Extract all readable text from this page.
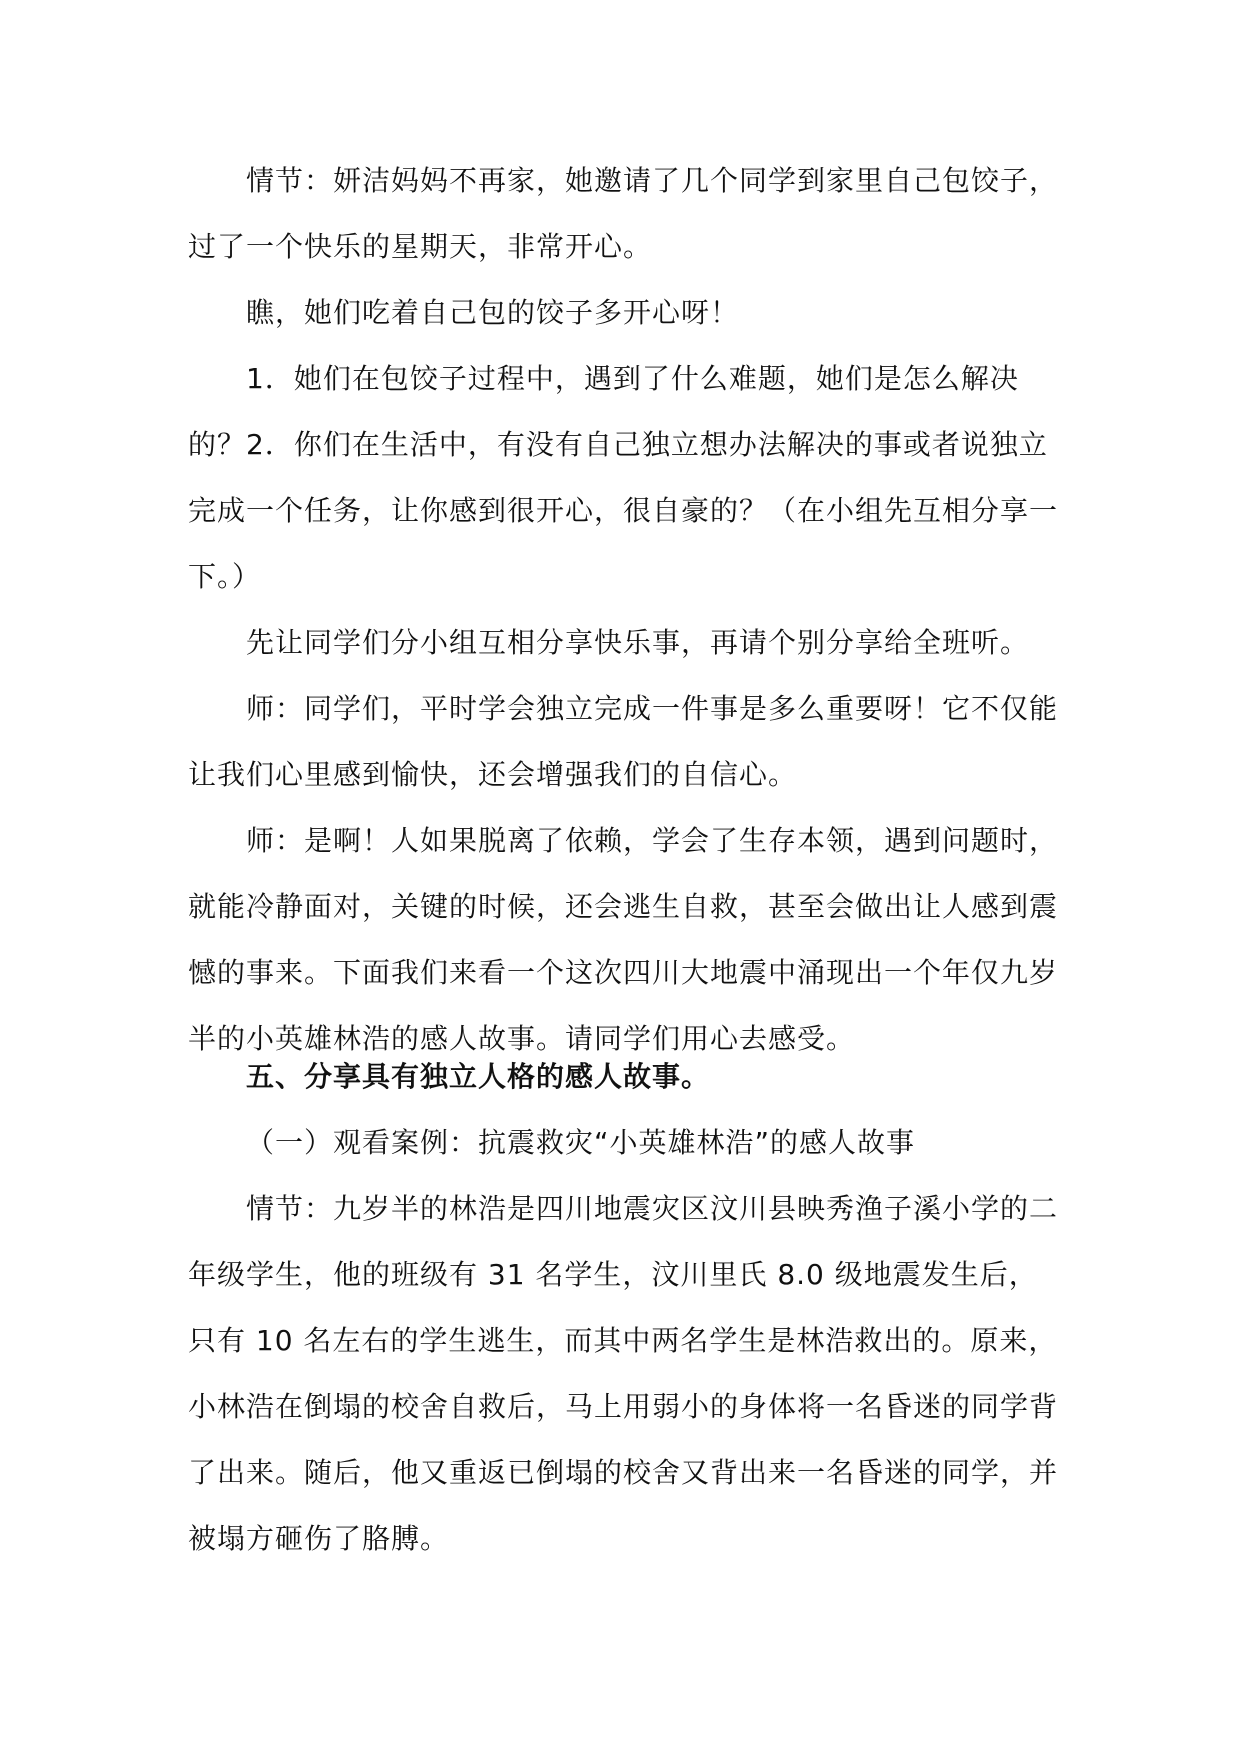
情节：妍洁妈妈不再家，她邀请了几个同学到家里自己包饺子，过了一个快乐的星期天，非常开心。

瞧，她们吃着自己包的饺子多开心呀！

1．她们在包饺子过程中，遇到了什么难题，她们是怎么解决的？ 2．你们在生活中，有没有自己独立想办法解决的事或者说独立完成一个任务，让你感到很开心，很自豪的？（在小组先互相分享一下。）

先让同学们分小组互相分享快乐事，再请个别分享给全班听。

师：同学们，平时学会独立完成一件事是多么重要呀！它不仅能让我们心里感到愉快，还会增强我们的自信心。

师：是啊！人如果脱离了依赖，学会了生存本领，遇到问题时，就能冷静面对，关键的时候，还会逃生自救，甚至会做出让人感到震憾的事来。下面我们来看一个这次四川大地震中涌现出一个年仅九岁半的小英雄林浩的感人故事。请同学们用心去感受。

五、分享具有独立人格的感人故事。

（一）观看案例：抗震救灾“小英雄林浩”的感人故事

情节：九岁半的林浩是四川地震灾区汶川县映秀渔子溪小学的二年级学生，他的班级有 31 名学生，汶川里氏 8.0 级地震发生后，只有 10 名左右的学生逃生，而其中两名学生是林浩救出的。原来，小林浩在倒塌的校舍自救后，马上用弱小的身体将一名昏迷的同学背了出来。随后，他又重返已倒塌的校舍又背出来一名昏迷的同学，并被塌方砸伤了胳膊。
